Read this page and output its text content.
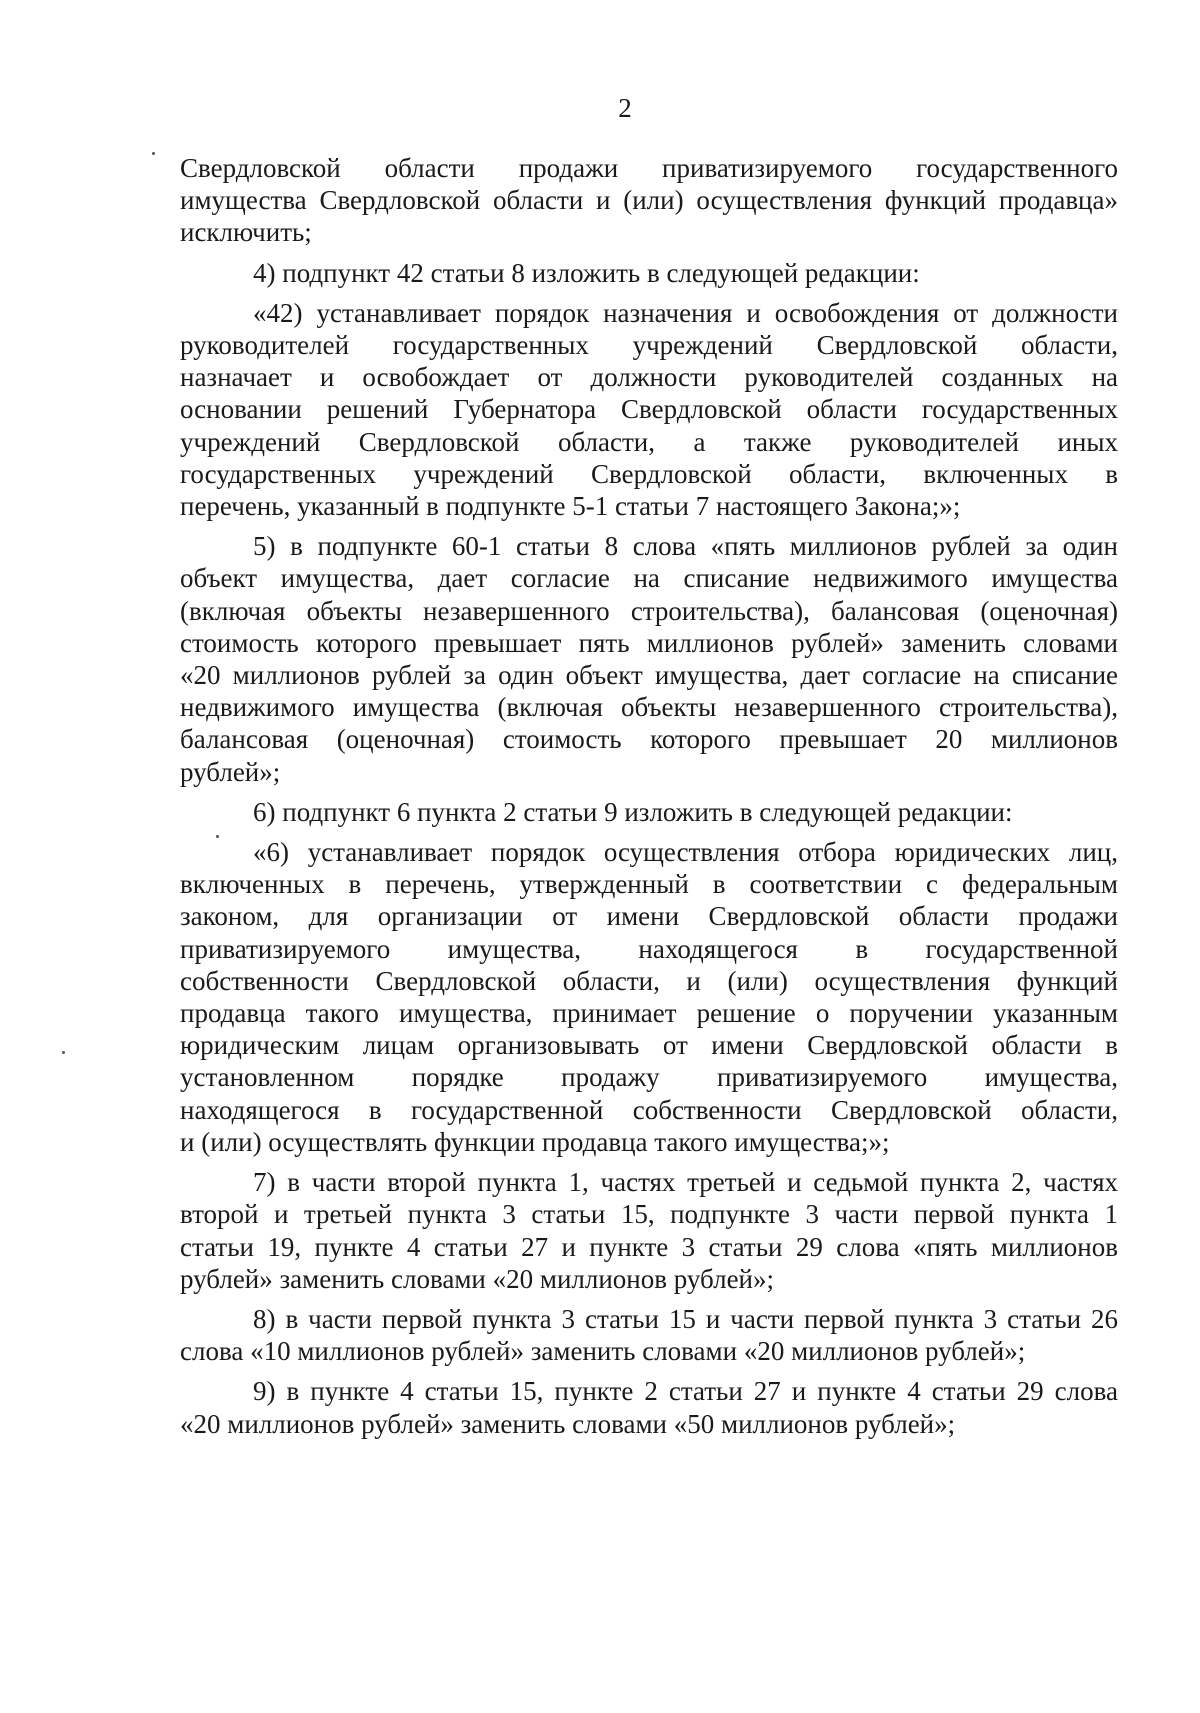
2
Свердловской области продажи приватизируемого государственного
имущества Свердловской области и (или) осуществления функций продавца»
исключить;
4) подпункт 42 статьи 8 изложить в следующей редакции:
«42) устанавливает порядок назначения и освобождения от должности
руководителей государственных учреждений Свердловской области,
назначает и освобождает от должности руководителей созданных на
основании решений Губернатора Свердловской области государственных
учреждений Свердловской области, а также руководителей иных
государственных учреждений Свердловской области, включенных в
перечень, указанный в подпункте 5-1 статьи 7 настоящего Закона;»;
5) в подпункте 60-1 статьи 8 слова «пять миллионов рублей за один
объект имущества, дает согласие на списание недвижимого имущества
(включая объекты незавершенного строительства), балансовая (оценочная)
стоимость которого превышает пять миллионов рублей» заменить словами
«20 миллионов рублей за один объект имущества, дает согласие на списание
недвижимого имущества (включая объекты незавершенного строительства),
балансовая (оценочная) стоимость которого превышает 20 миллионов
рублей»;
6) подпункт 6 пункта 2 статьи 9 изложить в следующей редакции:
«6) устанавливает порядок осуществления отбора юридических лиц,
включенных в перечень, утвержденный в соответствии с федеральным
законом, для организации от имени Свердловской области продажи
приватизируемого имущества, находящегося в государственной
собственности Свердловской области, и (или) осуществления функций
продавца такого имущества, принимает решение о поручении указанным
юридическим лицам организовывать от имени Свердловской области в
установленном порядке продажу приватизируемого имущества,
находящегося в государственной собственности Свердловской области,
и (или) осуществлять функции продавца такого имущества;»;
7) в части второй пункта 1, частях третьей и седьмой пункта 2, частях
второй и третьей пункта 3 статьи 15, подпункте 3 части первой пункта 1
статьи 19, пункте 4 статьи 27 и пункте 3 статьи 29 слова «пять миллионов
рублей» заменить словами «20 миллионов рублей»;
8) в части первой пункта 3 статьи 15 и части первой пункта 3 статьи 26
слова «10 миллионов рублей» заменить словами «20 миллионов рублей»;
9) в пункте 4 статьи 15, пункте 2 статьи 27 и пункте 4 статьи 29 слова
«20 миллионов рублей» заменить словами «50 миллионов рублей»;
